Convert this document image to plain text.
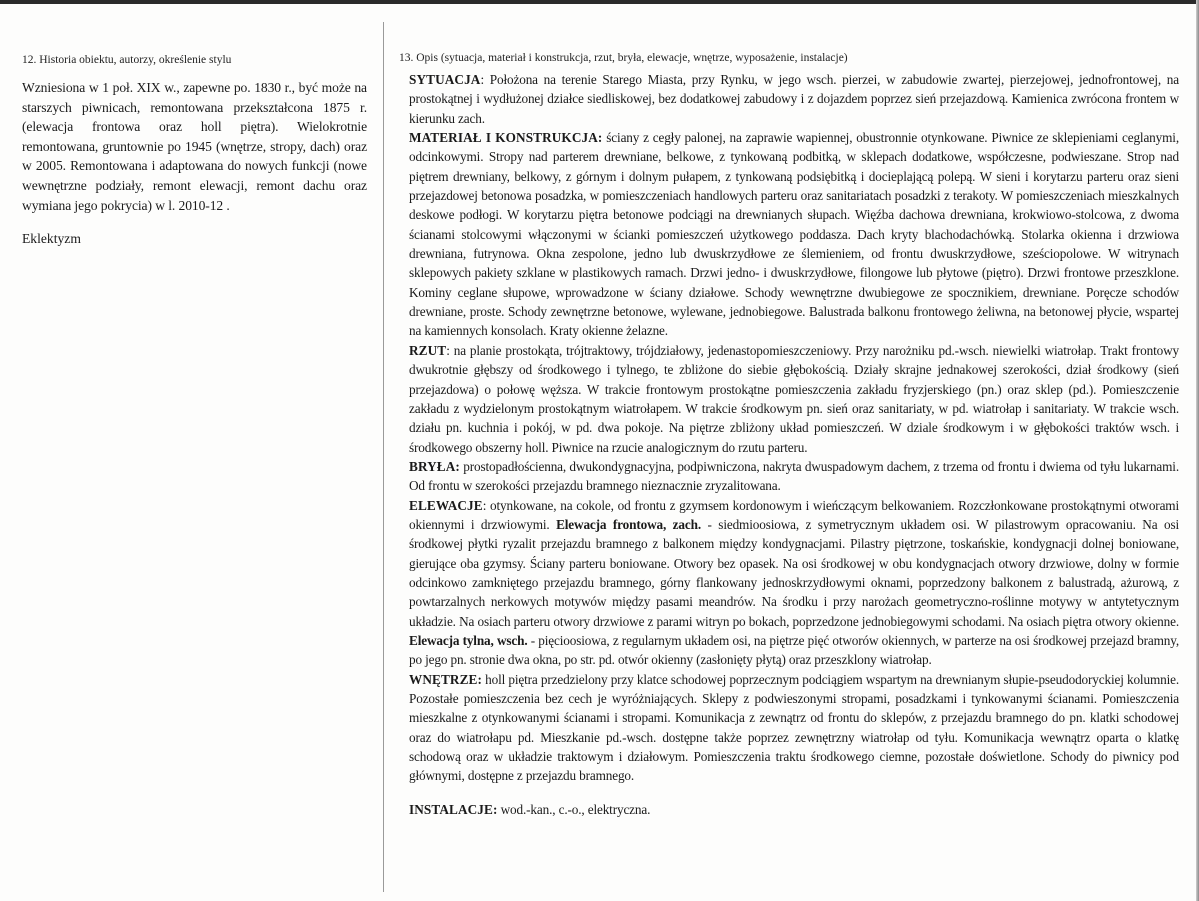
12. Historia obiektu, autorzy, określenie stylu

Wzniesiona w 1 poł. XIX w., zapewne po. 1830 r., być może na starszych piwnicach, remontowana przekształcona 1875 r. (elewacja frontowa oraz holl piętra). Wielokrotnie remontowana, gruntownie po 1945 (wnętrze, stropy, dach) oraz w 2005. Remontowana i adaptowana do nowych funkcji (nowe wewnętrzne podziały, remont elewacji, remont dachu oraz wymiana jego pokrycia) w l. 2010-12 .

Eklektyzm

13. Opis (sytuacja, materiał i konstrukcja, rzut, bryła, elewacje, wnętrze, wyposażenie, instalacje)

SYTUACJA: Położona na terenie Starego Miasta, przy Rynku, w jego wsch. pierzei, w zabudowie zwartej, pierzejowej, jednofrontowej, na prostokątnej i wydłużonej działce siedliskowej, bez dodatkowej zabudowy i z dojazdem poprzez sień przejazdową. Kamienica zwrócona frontem w kierunku zach.

MATERIAŁ I KONSTRUKCJA: ściany z cegły palonej, na zaprawie wapiennej, obustronnie otynkowane. Piwnice ze sklepieniami ceglanymi, odcinkowymi. Stropy nad parterem drewniane, belkowe, z tynkowaną podbitką, w sklepach dodatkowe, współczesne, podwieszane. Strop nad piętrem drewniany, belkowy, z górnym i dolnym pułapem, z tynkowaną podsiębitką i docieplającą polepą. W sieni i korytarzu parteru oraz sieni przejazdowej betonowa posadzka, w pomieszczeniach handlowych parteru oraz sanitariatach posadzki z terakoty. W pomieszczeniach mieszkalnych deskowe podłogi. W korytarzu piętra betonowe podciągi na drewnianych słupach. Więźba dachowa drewniana, krokwiowo-stolcowa, z dwoma ścianami stolcowymi włączonymi w ścianki pomieszczeń użytkowego poddasza. Dach kryty blachodachówką. Stolarka okienna i drzwiowa drewniana, futrynowa. Okna zespolone, jedno lub dwuskrzydłowe ze ślemieniem, od frontu dwuskrzydłowe, sześciopolowe. W witrynach sklepowych pakiety szklane w plastikowych ramach. Drzwi jedno- i dwuskrzydłowe, filongowe lub płytowe (piętro). Drzwi frontowe przeszklone. Kominy ceglane słupowe, wprowadzone w ściany działowe. Schody wewnętrzne dwubiegowe ze spocznikiem, drewniane. Poręcze schodów drewniane, proste. Schody zewnętrzne betonowe, wylewane, jednobiegowe. Balustrada balkonu frontowego żeliwna, na betonowej płycie, wspartej na kamiennych konsolach. Kraty okienne żelazne.

RZUT: na planie prostokąta, trójtraktowy, trójdziałowy, jedenastopomieszczeniowy. Przy narożniku pd.-wsch. niewielki wiatrołap. Trakt frontowy dwukrotnie głębszy od środkowego i tylnego, te zbliżone do siebie głębokością. Działy skrajne jednakowej szerokości, dział środkowy (sień przejazdowa) o połowę węższa. W trakcie frontowym prostokątne pomieszczenia zakładu fryzjerskiego (pn.) oraz sklep (pd.). Pomieszczenie zakładu z wydzielonym prostokątnym wiatrołapem. W trakcie środkowym pn. sień oraz sanitariaty, w pd. wiatrołap i sanitariaty. W trakcie wsch. działu pn. kuchnia i pokój, w pd. dwa pokoje. Na piętrze zbliżony układ pomieszczeń. W dziale środkowym i w głębokości traktów wsch. i środkowego obszerny holl. Piwnice na rzucie analogicznym do rzutu parteru.

BRYŁA: prostopadłościenna, dwukondygnacyjna, podpiwniczona, nakryta dwuspadowym dachem, z trzema od frontu i dwiema od tyłu lukarnami. Od frontu w szerokości przejazdu bramnego nieznacznie zryzalitowana.

ELEWACJE: otynkowane, na cokole, od frontu z gzymsem kordonowym i wieńczącym belkowaniem. Rozczłonkowane prostokątnymi otworami okiennymi i drzwiowymi. Elewacja frontowa, zach. - siedmioosiowa, z symetrycznym układem osi. W pilastrowym opracowaniu. Na osi środkowej płytki ryzalit przejazdu bramnego z balkonem między kondygnacjami. Pilastry piętrzone, toskańskie, kondygnacji dolnej boniowane, gierujące oba gzymsy. Ściany parteru boniowane. Otwory bez opasek. Na osi środkowej w obu kondygnacjach otwory drzwiowe, dolny w formie odcinkowo zamkniętego przejazdu bramnego, górny flankowany jednoskrzydłowymi oknami, poprzedzony balkonem z balustradą, ażurową, z powtarzalnych nerkowych motywów między pasami meandrów. Na środku i przy narożach geometryczno-roślinne motywy w antytetycznym układzie. Na osiach parteru otwory drzwiowe z parami witryn po bokach, poprzedzone jednobiegowymi schodami. Na osiach piętra otwory okienne. Elewacja tylna, wsch. - pięcioosiowa, z regularnym układem osi, na piętrze pięć otworów okiennych, w parterze na osi środkowej przejazd bramny, po jego pn. stronie dwa okna, po str. pd. otwór okienny (zasłonięty płytą) oraz przeszklony wiatrołap.

WNĘTRZE: holl piętra przedzielony przy klatce schodowej poprzecznym podciągiem wspartym na drewnianym słupie-pseudodoryckiej kolumnie. Pozostałe pomieszczenia bez cech je wyróżniających. Sklepy z podwieszonymi stropami, posadzkami i tynkowanymi ścianami. Pomieszczenia mieszkalne z otynkowanymi ścianami i stropami. Komunikacja z zewnątrz od frontu do sklepów, z przejazdu bramnego do pn. klatki schodowej oraz do wiatrołapu pd. Mieszkanie pd.-wsch. dostępne także poprzez zewnętrzny wiatrołap od tyłu. Komunikacja wewnątrz oparta o klatkę schodową oraz w układzie traktowym i działowym. Pomieszczenia traktu środkowego ciemne, pozostałe doświetlone. Schody do piwnicy pod głównymi, dostępne z przejazdu bramnego.

INSTALACJE: wod.-kan., c.-o., elektryczna.
